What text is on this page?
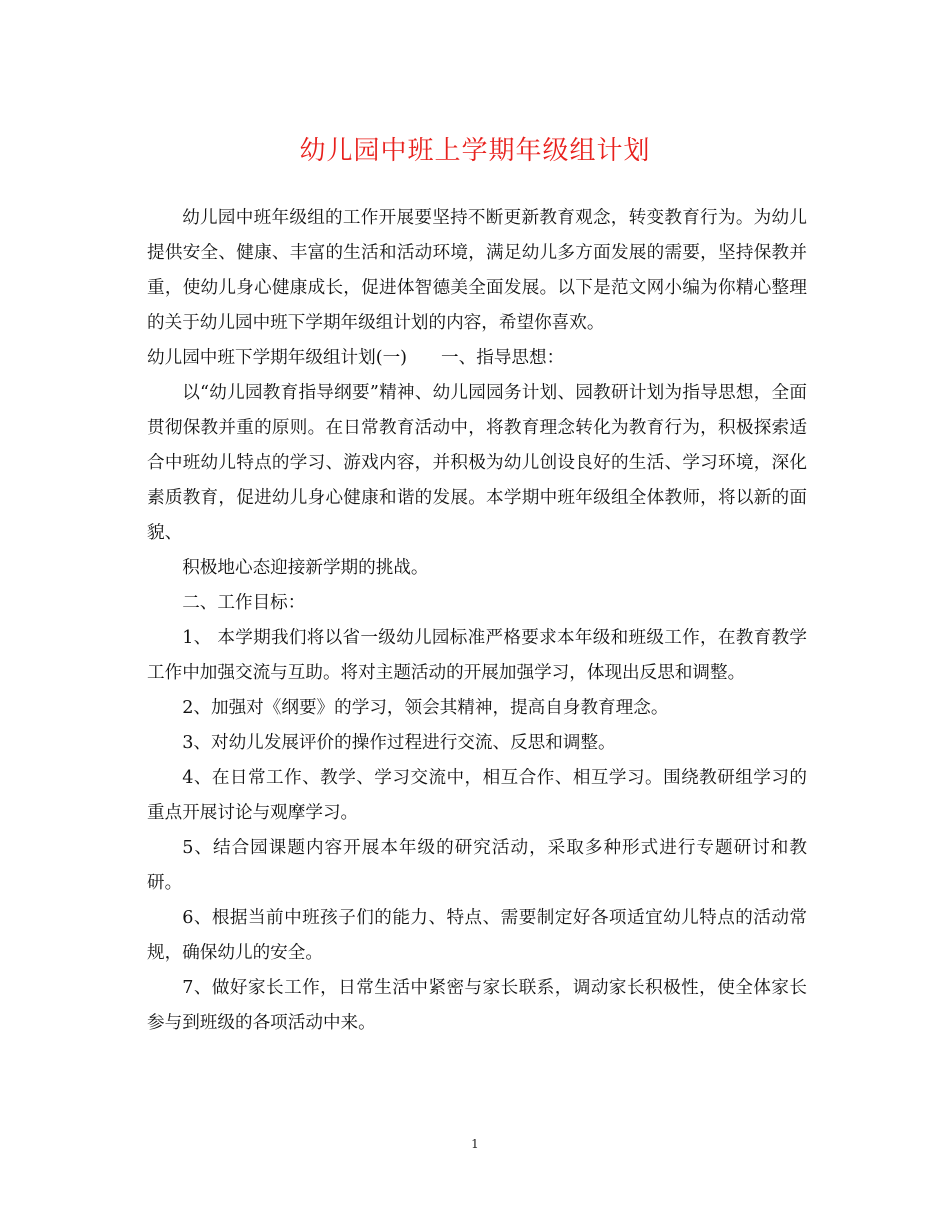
幼儿园中班上学期年级组计划

幼儿园中班年级组的工作开展要坚持不断更新教育观念，转变教育行为。为幼儿提供安全、健康、丰富的生活和活动环境，满足幼儿多方面发展的需要，坚持保教并重，使幼儿身心健康成长，促进体智德美全面发展。以下是范文网小编为你精心整理的关于幼儿园中班下学期年级组计划的内容，希望你喜欢。

幼儿园中班下学期年级组计划(一) 一、指导思想：

以“幼儿园教育指导纲要”精神、幼儿园园务计划、园教研计划为指导思想，全面贯彻保教并重的原则。在日常教育活动中，将教育理念转化为教育行为，积极探索适合中班幼儿特点的学习、游戏内容，并积极为幼儿创设良好的生活、学习环境，深化素质教育，促进幼儿身心健康和谐的发展。本学期中班年级组全体教师，将以新的面貌、

积极地心态迎接新学期的挑战。

二、工作目标：

1、 本学期我们将以省一级幼儿园标准严格要求本年级和班级工作，在教育教学工作中加强交流与互助。将对主题活动的开展加强学习，体现出反思和调整。

2、加强对《纲要》的学习，领会其精神，提高自身教育理念。

3、对幼儿发展评价的操作过程进行交流、反思和调整。

4、在日常工作、教学、学习交流中，相互合作、相互学习。围绕教研组学习的重点开展讨论与观摩学习。

5、结合园课题内容开展本年级的研究活动，采取多种形式进行专题研讨和教研。

6、根据当前中班孩子们的能力、特点、需要制定好各项适宜幼儿特点的活动常规，确保幼儿的安全。

7、做好家长工作，日常生活中紧密与家长联系，调动家长积极性，使全体家长参与到班级的各项活动中来。

1
